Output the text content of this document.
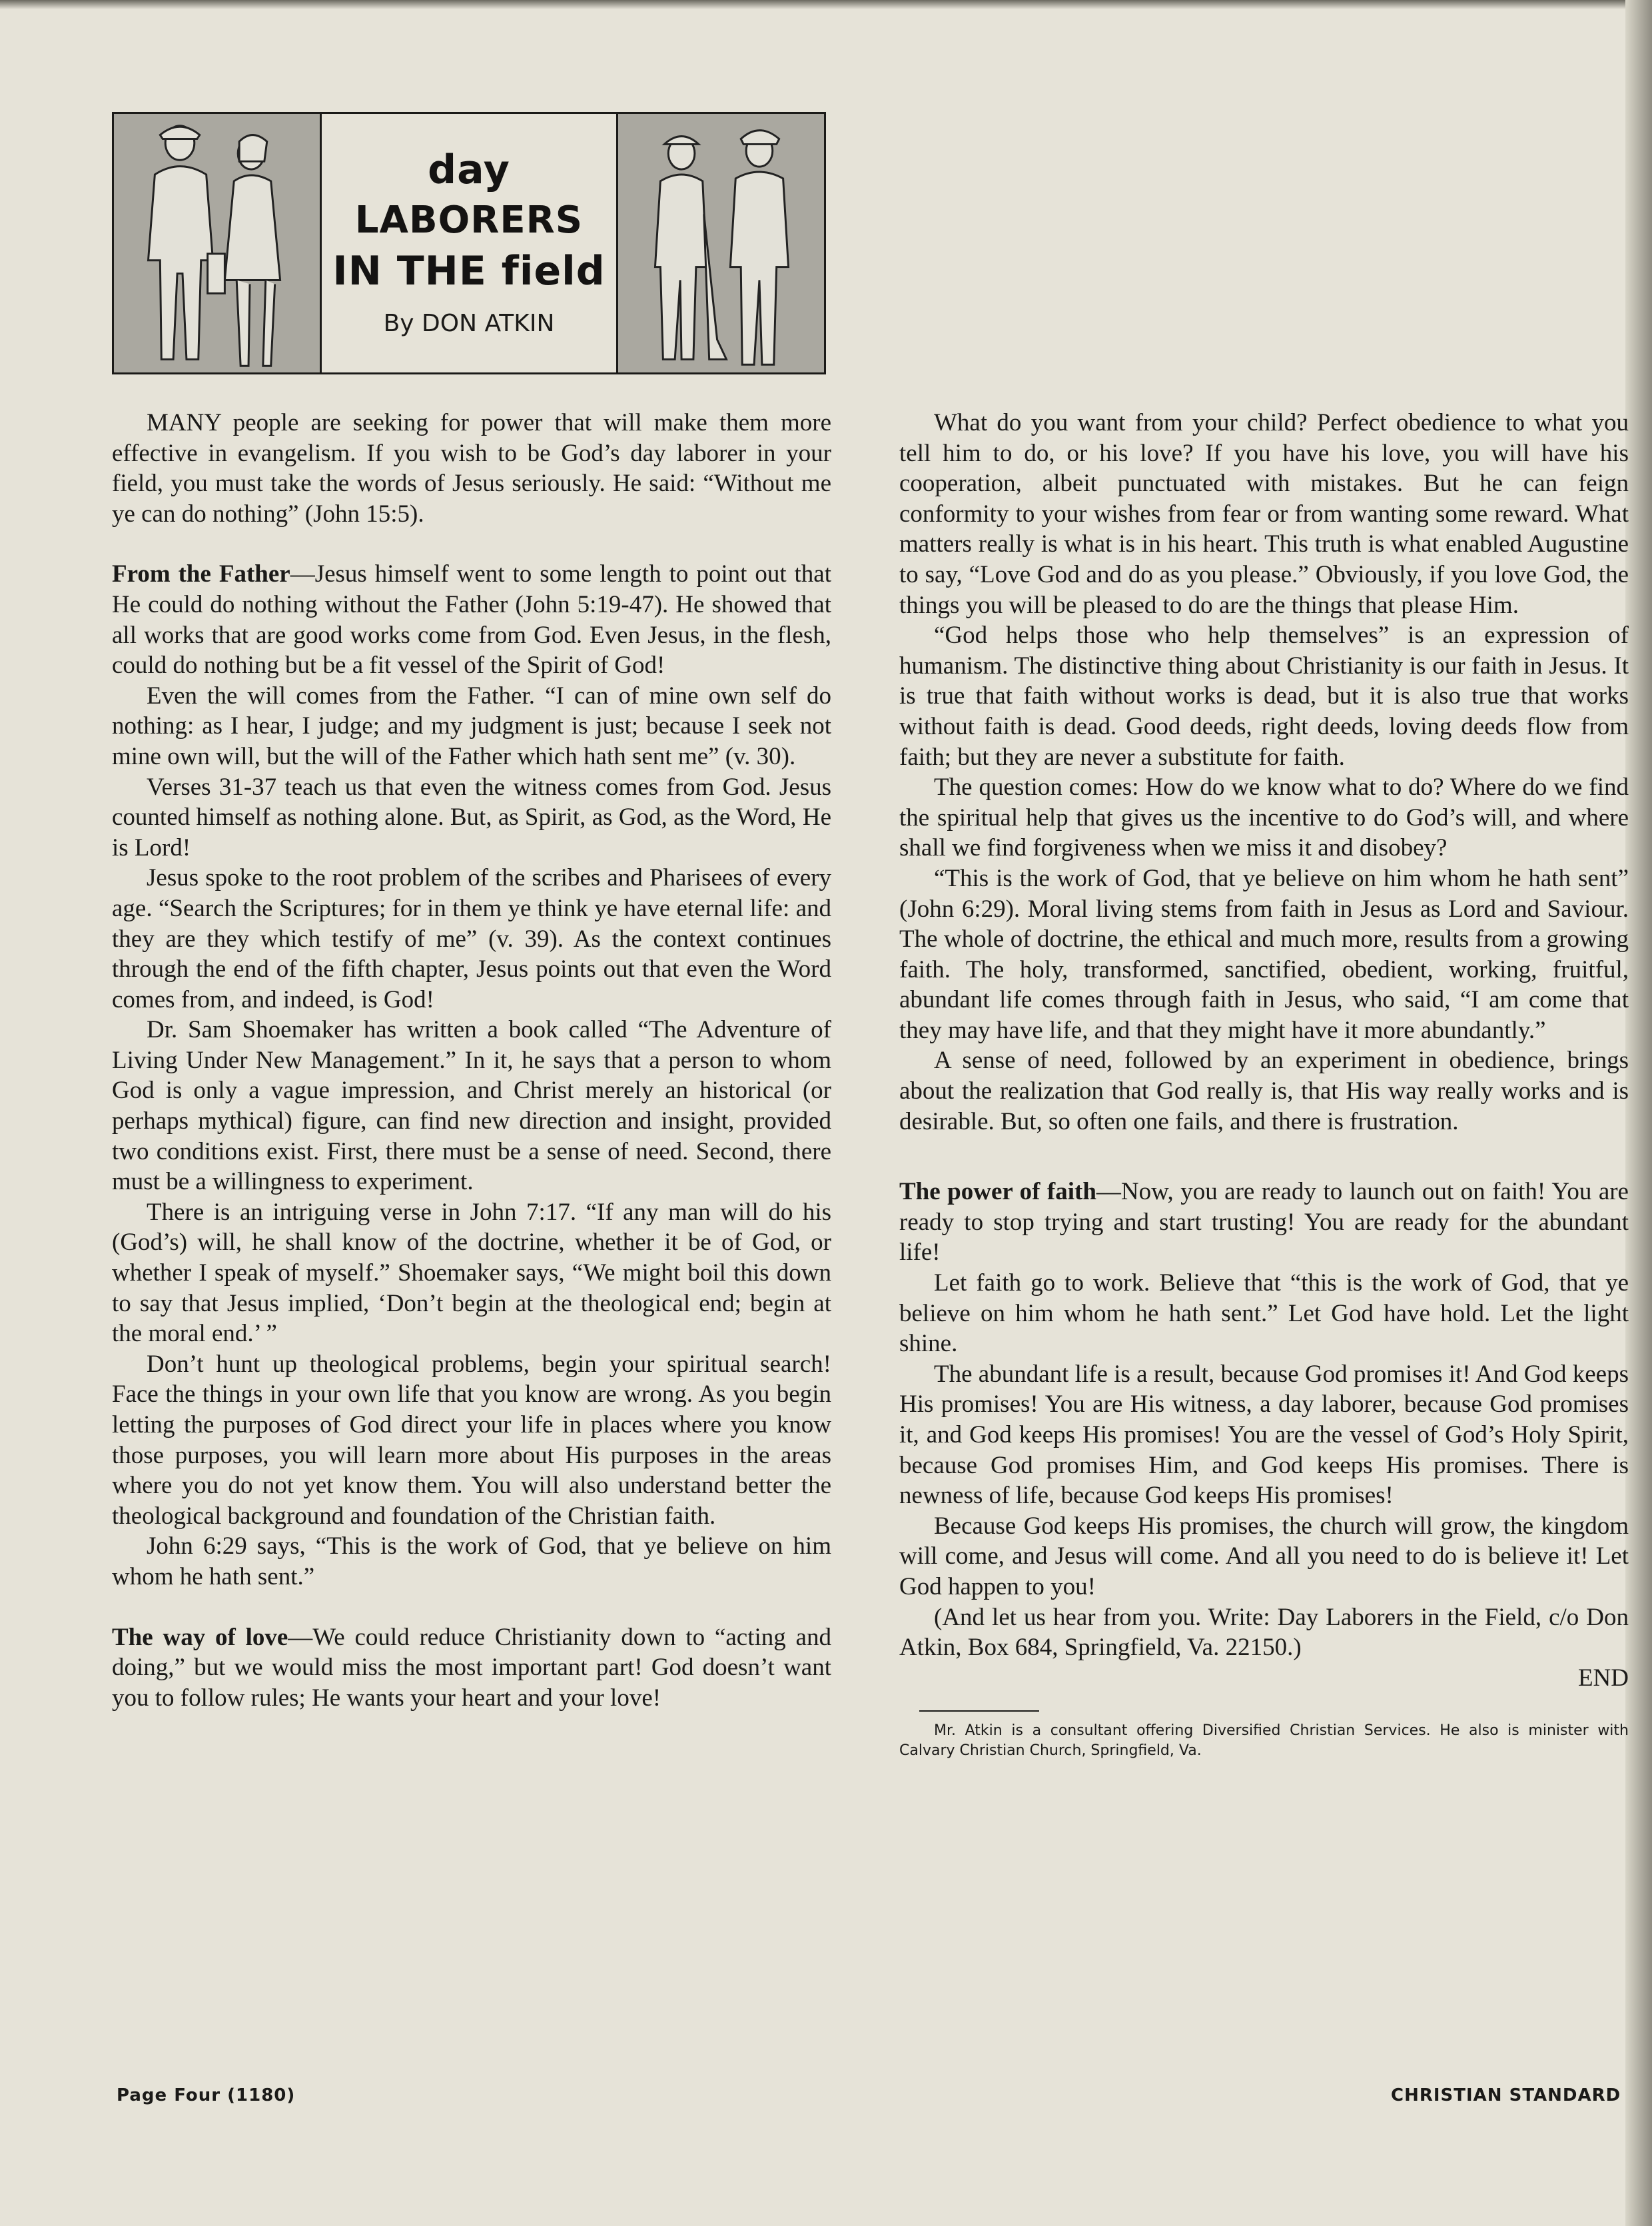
day
LABORERS
IN THE field
By DON ATKIN

MANY people are seeking for power that will make them more effective in evangelism. If you wish to be God’s day laborer in your field, you must take the words of Jesus seriously. He said: “Without me ye can do nothing” (John 15:5).

From the Father—Jesus himself went to some length to point out that He could do nothing without the Father (John 5:19-47). He showed that all works that are good works come from God. Even Jesus, in the flesh, could do nothing but be a fit vessel of the Spirit of God!

Even the will comes from the Father. “I can of mine own self do nothing: as I hear, I judge; and my judgment is just; because I seek not mine own will, but the will of the Father which hath sent me” (v. 30).

Verses 31-37 teach us that even the witness comes from God. Jesus counted himself as nothing alone. But, as Spirit, as God, as the Word, He is Lord!

Jesus spoke to the root problem of the scribes and Pharisees of every age. “Search the Scriptures; for in them ye think ye have eternal life: and they are they which testify of me” (v. 39). As the context continues through the end of the fifth chapter, Jesus points out that even the Word comes from, and indeed, is God!

Dr. Sam Shoemaker has written a book called “The Adventure of Living Under New Management.” In it, he says that a person to whom God is only a vague impression, and Christ merely an historical (or perhaps mythical) figure, can find new direction and insight, provided two conditions exist. First, there must be a sense of need. Second, there must be a willingness to experiment.

There is an intriguing verse in John 7:17. “If any man will do his (God’s) will, he shall know of the doctrine, whether it be of God, or whether I speak of myself.” Shoemaker says, “We might boil this down to say that Jesus implied, ‘Don’t begin at the theological end; begin at the moral end.’ ”

Don’t hunt up theological problems, begin your spiritual search! Face the things in your own life that you know are wrong. As you begin letting the purposes of God direct your life in places where you know those purposes, you will learn more about His purposes in the areas where you do not yet know them. You will also understand better the theological background and foundation of the Christian faith.

John 6:29 says, “This is the work of God, that ye believe on him whom he hath sent.”

The way of love—We could reduce Christianity down to “acting and doing,” but we would miss the most important part! God doesn’t want you to follow rules; He wants your heart and your love!

What do you want from your child? Perfect obedience to what you tell him to do, or his love? If you have his love, you will have his cooperation, albeit punctuated with mistakes. But he can feign conformity to your wishes from fear or from wanting some reward. What matters really is what is in his heart. This truth is what enabled Augustine to say, “Love God and do as you please.” Obviously, if you love God, the things you will be pleased to do are the things that please Him.

“God helps those who help themselves” is an expression of humanism. The distinctive thing about Christianity is our faith in Jesus. It is true that faith without works is dead, but it is also true that works without faith is dead. Good deeds, right deeds, loving deeds flow from faith; but they are never a substitute for faith.

The question comes: How do we know what to do? Where do we find the spiritual help that gives us the incentive to do God’s will, and where shall we find forgiveness when we miss it and disobey?

“This is the work of God, that ye believe on him whom he hath sent” (John 6:29). Moral living stems from faith in Jesus as Lord and Saviour. The whole of doctrine, the ethical and much more, results from a growing faith. The holy, transformed, sanctified, obedient, working, fruitful, abundant life comes through faith in Jesus, who said, “I am come that they may have life, and that they might have it more abundantly.”

A sense of need, followed by an experiment in obedience, brings about the realization that God really is, that His way really works and is desirable. But, so often one fails, and there is frustration.

The power of faith—Now, you are ready to launch out on faith! You are ready to stop trying and start trusting! You are ready for the abundant life!

Let faith go to work. Believe that “this is the work of God, that ye believe on him whom he hath sent.” Let God have hold. Let the light shine.

The abundant life is a result, because God promises it! And God keeps His promises! You are His witness, a day laborer, because God promises it, and God keeps His promises! You are the vessel of God’s Holy Spirit, because God promises Him, and God keeps His promises. There is newness of life, because God keeps His promises!

Because God keeps His promises, the church will grow, the kingdom will come, and Jesus will come. And all you need to do is believe it! Let God happen to you!

(And let us hear from you. Write: Day Laborers in the Field, c/o Don Atkin, Box 684, Springfield, Va. 22150.)

END

Mr. Atkin is a consultant offering Diversified Christian Services. He also is minister with Calvary Christian Church, Springfield, Va.

Page Four (1180)	CHRISTIAN STANDARD
